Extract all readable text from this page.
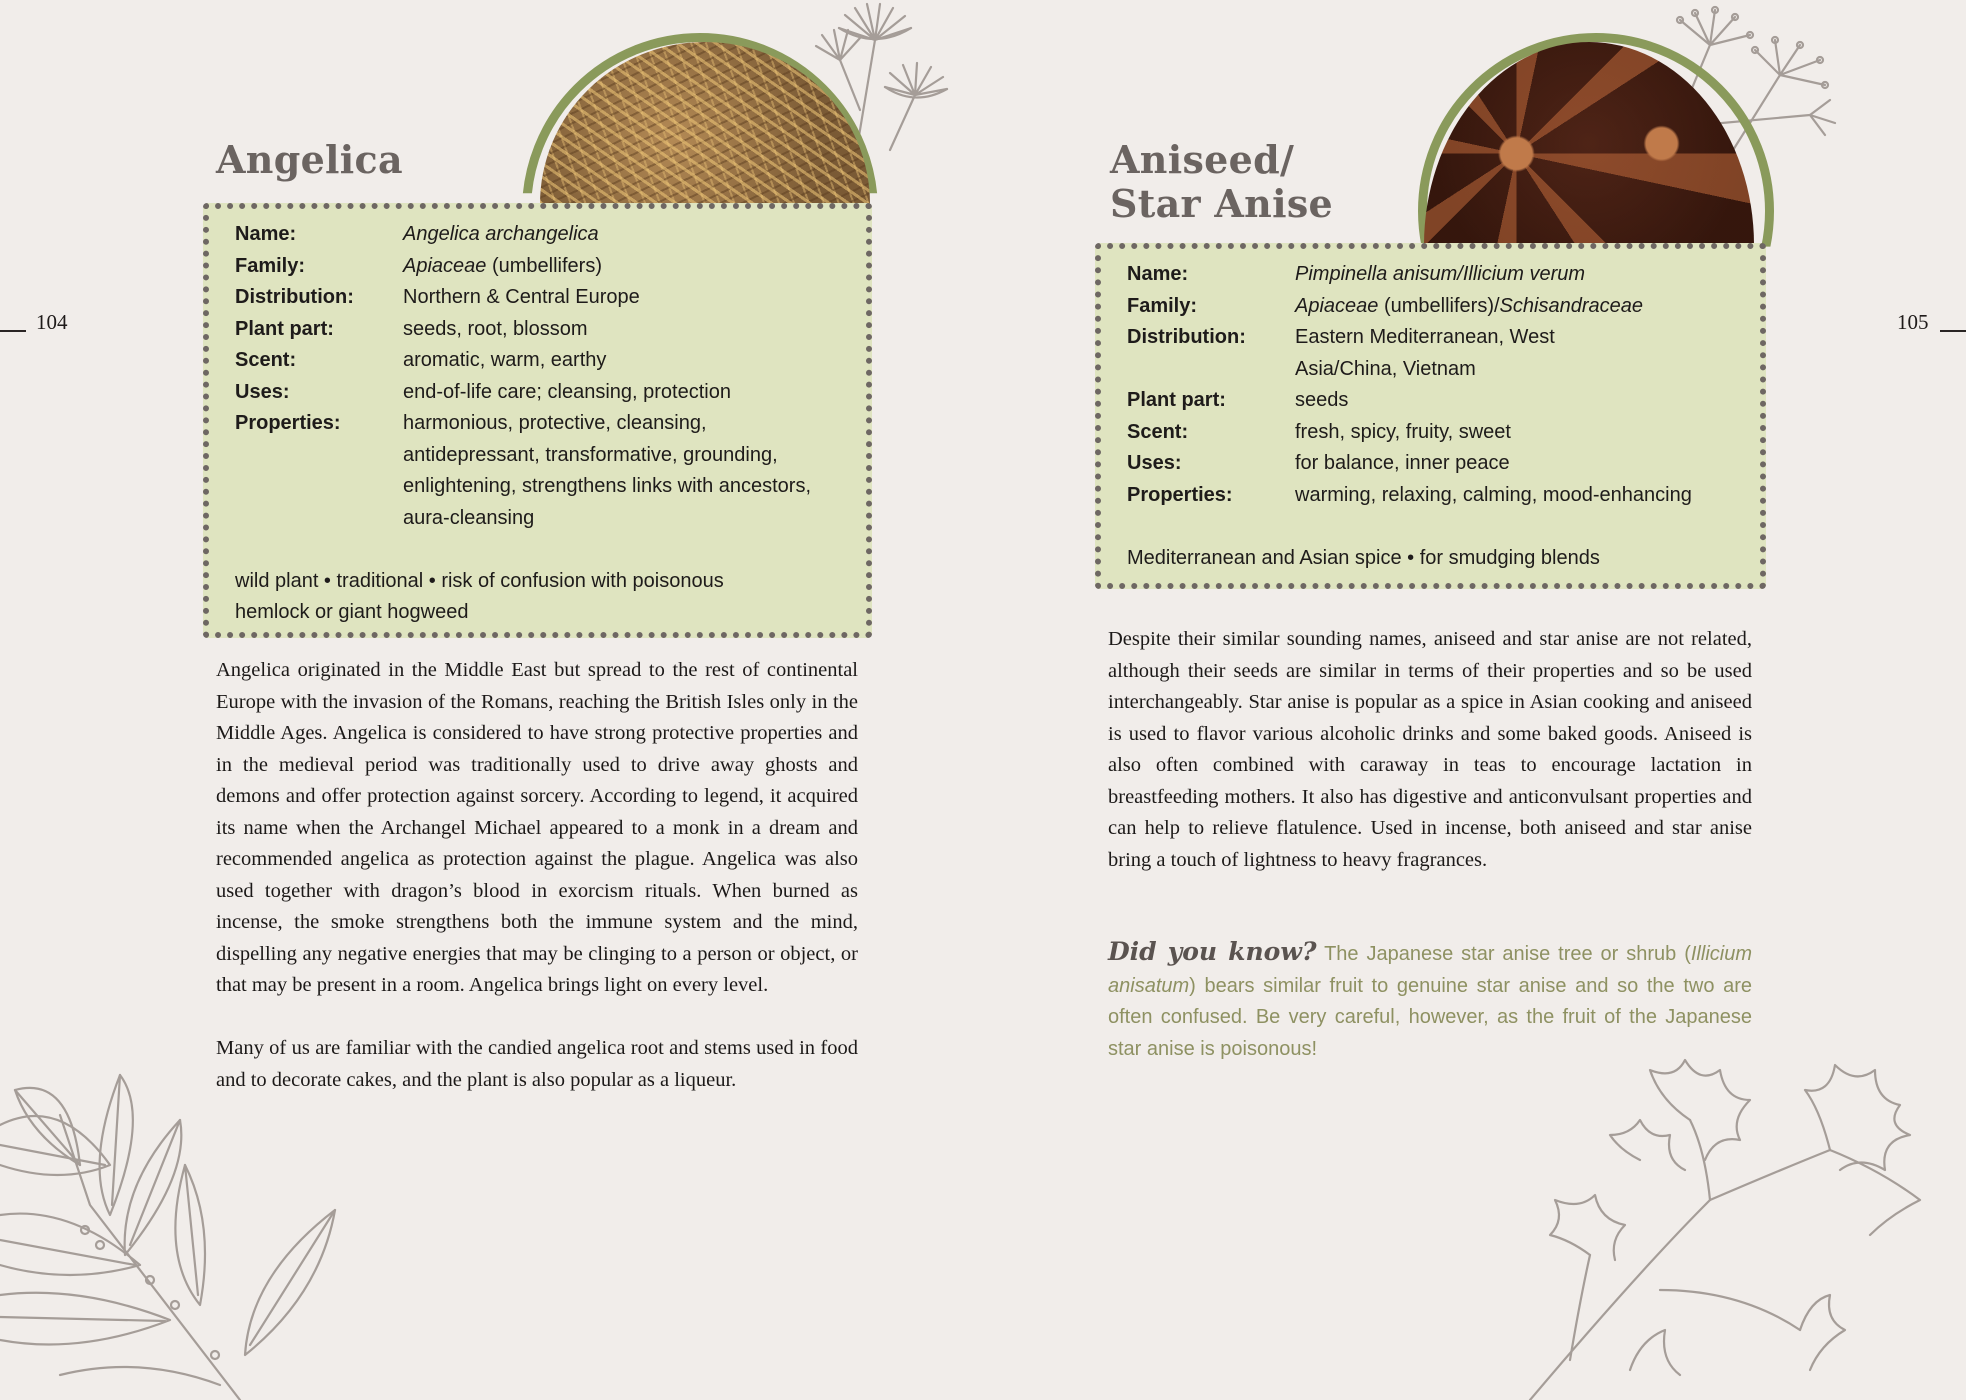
104
Angelica
Name:	Angelica archangelica
Family:	Apiaceae (umbellifers)
Distribution:	Northern & Central Europe
Plant part:	seeds, root, blossom
Scent:	aromatic, warm, earthy
Uses:	end-of-life care; cleansing, protection
Properties:	harmonious, protective, cleansing, antidepressant, transformative, grounding, enlightening, strengthens links with ancestors, aura-cleansing
wild plant • traditional • risk of confusion with poisonous hemlock or giant hogweed

Angelica originated in the Middle East but spread to the rest of continental Europe with the invasion of the Romans, reaching the British Isles only in the Middle Ages. Angelica is considered to have strong protective properties and in the medieval period was traditionally used to drive away ghosts and demons and offer protection against sorcery. According to legend, it acquired its name when the Archangel Michael appeared to a monk in a dream and recommended angelica as protection against the plague. Angelica was also used together with dragon’s blood in exorcism rituals. When burned as incense, the smoke strengthens both the immune system and the mind, dispelling any negative energies that may be clinging to a person or object, or that may be present in a room. Angelica brings light on every level.

Many of us are familiar with the candied angelica root and stems used in food and to decorate cakes, and the plant is also popular as a liqueur.

105
Aniseed/
Star Anise
Name:	Pimpinella anisum/Illicium verum
Family:	Apiaceae (umbellifers)/Schisandraceae
Distribution:	Eastern Mediterranean, West Asia/China, Vietnam
Plant part:	seeds
Scent:	fresh, spicy, fruity, sweet
Uses:	for balance, inner peace
Properties:	warming, relaxing, calming, mood-enhancing
Mediterranean and Asian spice • for smudging blends

Despite their similar sounding names, aniseed and star anise are not related, although their seeds are similar in terms of their properties and so be used interchangeably. Star anise is popular as a spice in Asian cooking and aniseed is used to flavor various alcoholic drinks and some baked goods. Aniseed is also often combined with caraway in teas to encourage lactation in breastfeeding mothers. It also has digestive and anticonvulsant properties and can help to relieve flatulence. Used in incense, both aniseed and star anise bring a touch of lightness to heavy fragrances.

Did you know? The Japanese star anise tree or shrub (Illicium anisatum) bears similar fruit to genuine star anise and so the two are often confused. Be very careful, however, as the fruit of the Japanese star anise is poisonous!
